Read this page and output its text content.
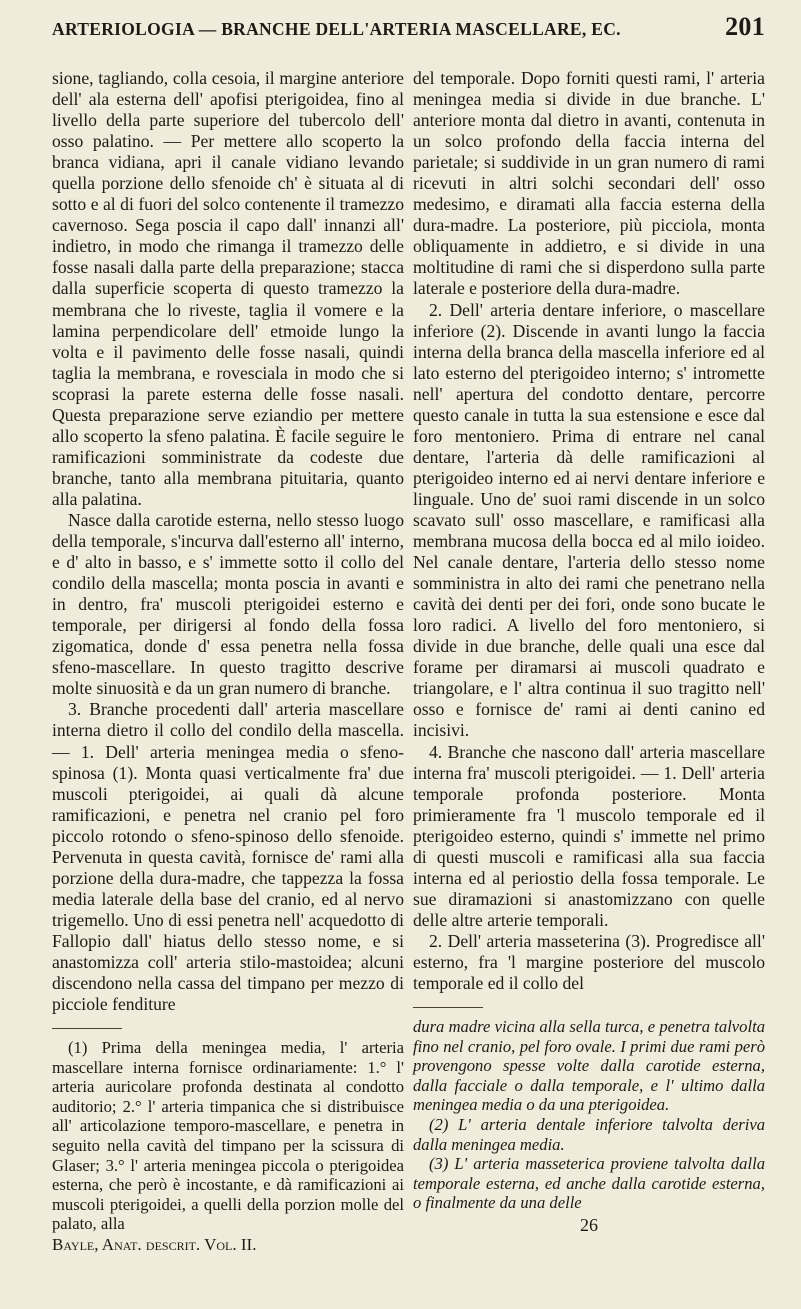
ARTERIOLOGIA — BRANCHE DELL'ARTERIA MASCELLARE, EC.	201

sione, tagliando, colla cesoia, il margine anteriore dell' ala esterna dell' apofisi pterigoidea, fino al livello della parte superiore del tubercolo dell' osso palatino. — Per mettere allo scoperto la branca vidiana, apri il canale vidiano levando quella porzione dello sfenoide ch' è situata al di sotto e al di fuori del solco contenente il tramezzo cavernoso. Sega poscia il capo dall' innanzi all' indietro, in modo che rimanga il tramezzo delle fosse nasali dalla parte della preparazione; stacca dalla superficie scoperta di questo tramezzo la membrana che lo riveste, taglia il vomere e la lamina perpendicolare dell' etmoide lungo la volta e il pavimento delle fosse nasali, quindi taglia la membrana, e rovesciala in modo che si scoprasi la parete esterna delle fosse nasali. Questa preparazione serve eziandio per mettere allo scoperto la sfeno palatina. È facile seguire le ramificazioni somministrate da codeste due branche, tanto alla membrana pituitaria, quanto alla palatina.

Nasce dalla carotide esterna, nello stesso luogo della temporale, s'incurva dall'esterno all' interno, e d' alto in basso, e s' immette sotto il collo del condilo della mascella; monta poscia in avanti e in dentro, fra' muscoli pterigoidei esterno e temporale, per dirigersi al fondo della fossa zigomatica, donde d' essa penetra nella fossa sfeno-mascellare. In questo tragitto descrive molte sinuosità e da un gran numero di branche.

3. Branche procedenti dall' arteria mascellare interna dietro il collo del condilo della mascella. — 1. Dell' arteria meningea media o sfeno-spinosa (1). Monta quasi verticalmente fra' due muscoli pterigoidei, ai quali dà alcune ramificazioni, e penetra nel cranio pel foro piccolo rotondo o sfeno-spinoso dello sfenoide. Pervenuta in questa cavità, fornisce de' rami alla porzione della dura-madre, che tappezza la fossa media laterale della base del cranio, ed al nervo trigemello. Uno di essi penetra nell' acquedotto di Fallopio dall' hiatus dello stesso nome, e si anastomizza coll' arteria stilo-mastoidea; alcuni discendono nella cassa del timpano per mezzo di picciole fenditure

(1) Prima della meningea media, l' arteria mascellare interna fornisce ordinariamente: 1.° l' arteria auricolare profonda destinata al condotto auditorio; 2.° l' arteria timpanica che si distribuisce all' articolazione temporo-mascellare, e penetra in seguito nella cavità del timpano per la scissura di Glaser; 3.° l' arteria meningea piccola o pterigoidea esterna, che però è incostante, e dà ramificazioni ai muscoli pterigoidei, a quelli della porzion molle del palato, alla

Bayle, Anat. descrit. Vol. II.

del temporale. Dopo forniti questi rami, l' arteria meningea media si divide in due branche. L' anteriore monta dal dietro in avanti, contenuta in un solco profondo della faccia interna del parietale; si suddivide in un gran numero di rami ricevuti in altri solchi secondari dell' osso medesimo, e diramati alla faccia esterna della dura-madre. La posteriore, più picciola, monta obliquamente in addietro, e si divide in una moltitudine di rami che si disperdono sulla parte laterale e posteriore della dura-madre.

2. Dell' arteria dentare inferiore, o mascellare inferiore (2). Discende in avanti lungo la faccia interna della branca della mascella inferiore ed al lato esterno del pterigoideo interno; s' intromette nell' apertura del condotto dentare, percorre questo canale in tutta la sua estensione e esce dal foro mentoniero. Prima di entrare nel canal dentare, l'arteria dà delle ramificazioni al pterigoideo interno ed ai nervi dentare inferiore e linguale. Uno de' suoi rami discende in un solco scavato sull' osso mascellare, e ramificasi alla membrana mucosa della bocca ed al milo ioideo. Nel canale dentare, l'arteria dello stesso nome somministra in alto dei rami che penetrano nella cavità dei denti per dei fori, onde sono bucate le loro radici. A livello del foro mentoniero, si divide in due branche, delle quali una esce dal forame per diramarsi ai muscoli quadrato e triangolare, e l' altra continua il suo tragitto nell' osso e fornisce de' rami ai denti canino ed incisivi.

4. Branche che nascono dall' arteria mascellare interna fra' muscoli pterigoidei. — 1. Dell' arteria temporale profonda posteriore. Monta primieramente fra 'l muscolo temporale ed il pterigoideo esterno, quindi s' immette nel primo di questi muscoli e ramificasi alla sua faccia interna ed al periostio della fossa temporale. Le sue diramazioni si anastomizzano con quelle delle altre arterie temporali.

2. Dell' arteria masseterina (3). Progredisce all' esterno, fra 'l margine posteriore del muscolo temporale ed il collo del

dura madre vicina alla sella turca, e penetra talvolta fino nel cranio, pel foro ovale. I primi due rami però provengono spesse volte dalla carotide esterna, dalla facciale o dalla temporale, e l' ultimo dalla meningea media o da una pterigoidea.

(2) L' arteria dentale inferiore talvolta deriva dalla meningea media.

(3) L' arteria masseterica proviene talvolta dalla temporale esterna, ed anche dalla carotide esterna, o finalmente da una delle

26
